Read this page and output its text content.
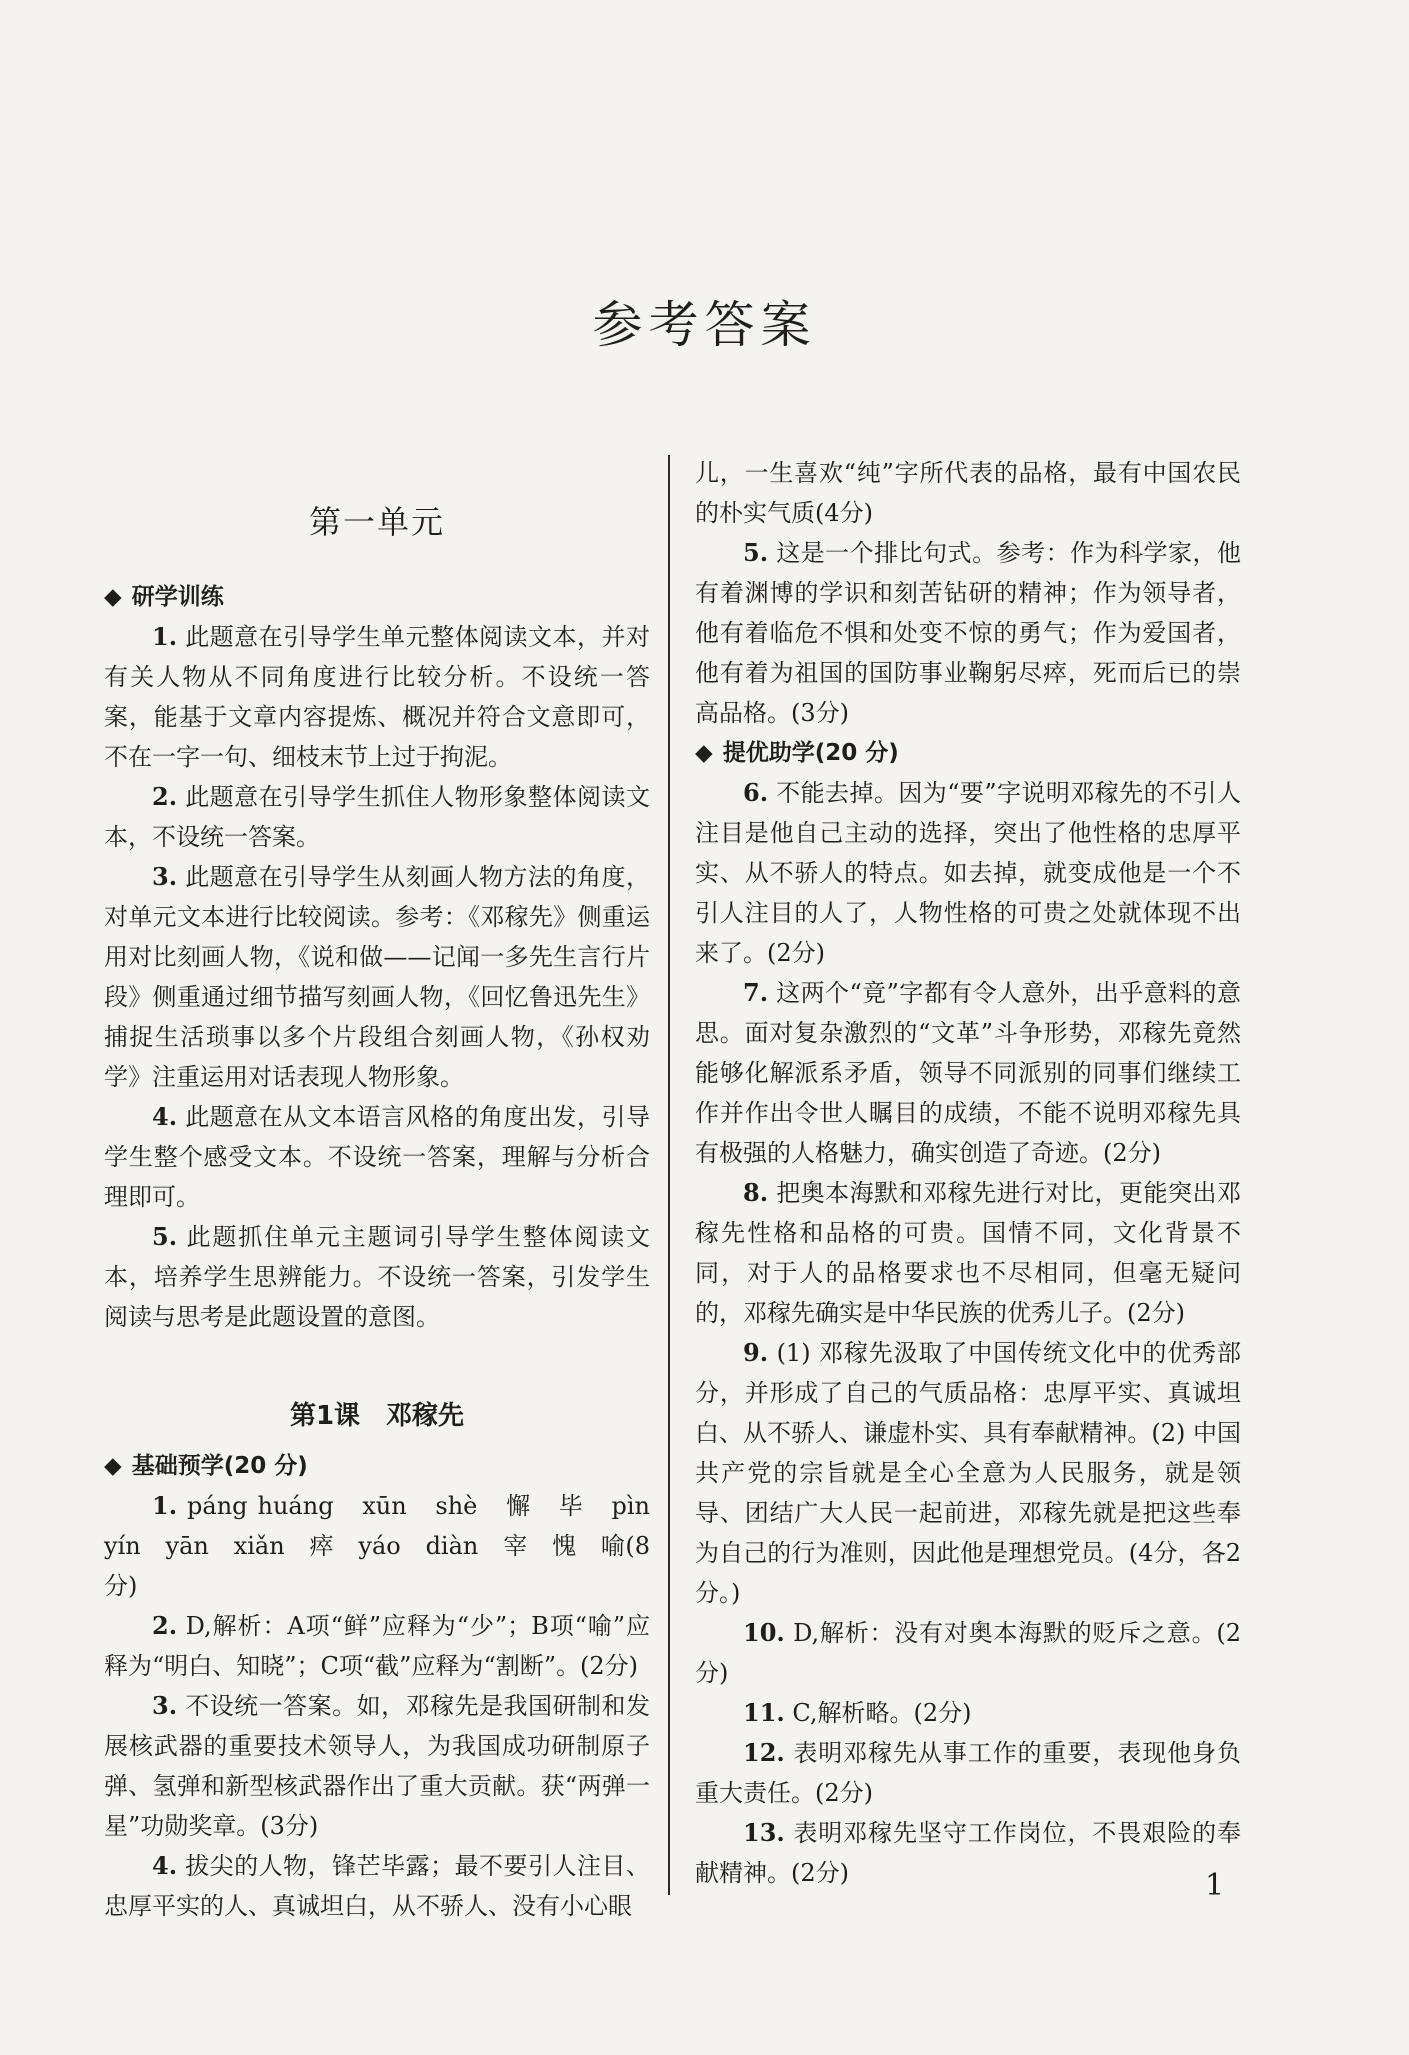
参考答案
第一单元
◆ 研学训练

1. 此题意在引导学生单元整体阅读文本，并对有关人物从不同角度进行比较分析。不设统一答案，能基于文章内容提炼、概况并符合文意即可，不在一字一句、细枝末节上过于拘泥。

2. 此题意在引导学生抓住人物形象整体阅读文本，不设统一答案。

3. 此题意在引导学生从刻画人物方法的角度，对单元文本进行比较阅读。参考：《邓稼先》侧重运用对比刻画人物，《说和做——记闻一多先生言行片段》侧重通过细节描写刻画人物，《回忆鲁迅先生》捕捉生活琐事以多个片段组合刻画人物，《孙权劝学》注重运用对话表现人物形象。

4. 此题意在从文本语言风格的角度出发，引导学生整个感受文本。不设统一答案，理解与分析合理即可。

5. 此题抓住单元主题词引导学生整体阅读文本，培养学生思辨能力。不设统一答案，引发学生阅读与思考是此题设置的意图。

第1课　邓稼先
◆ 基础预学(20 分)

1. páng huáng　xūn　shè　懈　毕　pìn　yín　yān　xiǎn　瘁　yáo　diàn　宰　愧　喻(8分)

2. D,解析：A项“鲜”应释为“少”；B项“喻”应释为“明白、知晓”；C项“截”应释为“割断”。(2分)

3. 不设统一答案。如，邓稼先是我国研制和发展核武器的重要技术领导人，为我国成功研制原子弹、氢弹和新型核武器作出了重大贡献。获“两弹一星”功勋奖章。(3分)

4. 拔尖的人物，锋芒毕露；最不要引人注目、忠厚平实的人、真诚坦白，从不骄人、没有小心眼

儿，一生喜欢“纯”字所代表的品格，最有中国农民的朴实气质(4分)

5. 这是一个排比句式。参考：作为科学家，他有着渊博的学识和刻苦钻研的精神；作为领导者，他有着临危不惧和处变不惊的勇气；作为爱国者，他有着为祖国的国防事业鞠躬尽瘁，死而后已的崇高品格。(3分)

◆ 提优助学(20 分)

6. 不能去掉。因为“要”字说明邓稼先的不引人注目是他自己主动的选择，突出了他性格的忠厚平实、从不骄人的特点。如去掉，就变成他是一个不引人注目的人了，人物性格的可贵之处就体现不出来了。(2分)

7. 这两个“竟”字都有令人意外，出乎意料的意思。面对复杂激烈的“文革”斗争形势，邓稼先竟然能够化解派系矛盾，领导不同派别的同事们继续工作并作出令世人瞩目的成绩，不能不说明邓稼先具有极强的人格魅力，确实创造了奇迹。(2分)

8. 把奥本海默和邓稼先进行对比，更能突出邓稼先性格和品格的可贵。国情不同，文化背景不同，对于人的品格要求也不尽相同，但毫无疑问的，邓稼先确实是中华民族的优秀儿子。(2分)

9. (1) 邓稼先汲取了中国传统文化中的优秀部分，并形成了自己的气质品格：忠厚平实、真诚坦白、从不骄人、谦虚朴实、具有奉献精神。(2) 中国共产党的宗旨就是全心全意为人民服务，就是领导、团结广大人民一起前进，邓稼先就是把这些奉为自己的行为准则，因此他是理想党员。(4分，各2分。)

10. D,解析：没有对奥本海默的贬斥之意。(2分)

11. C,解析略。(2分)

12. 表明邓稼先从事工作的重要，表现他身负重大责任。(2分)

13. 表明邓稼先坚守工作岗位，不畏艰险的奉献精神。(2分)	1
